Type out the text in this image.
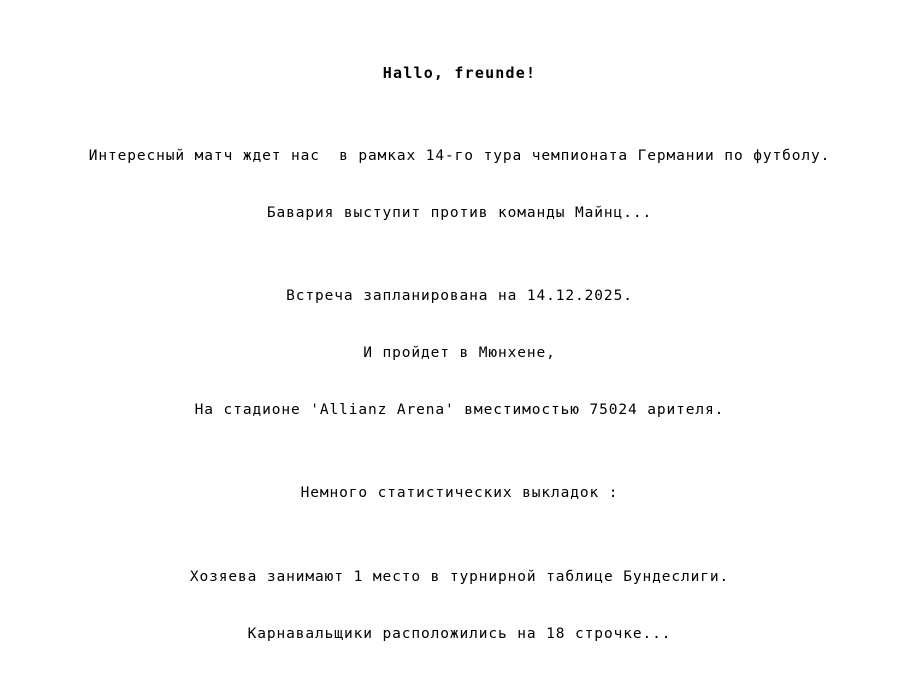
Hallo, freunde!
Интересный матч ждет нас  в рамках 14-го тура чемпионата Германии по футболу.
Бавария выступит против команды Майнц...
Встреча запланирована на 14.12.2025.
И пройдет в Мюнхене,
На стадионе 'Allianz Arena' вместимостью 75024 арителя.
Немного статистических выкладок :
Хозяева занимают 1 место в турнирной таблице Бундеслиги.
Карнавальщики расположились на 18 строчке...
